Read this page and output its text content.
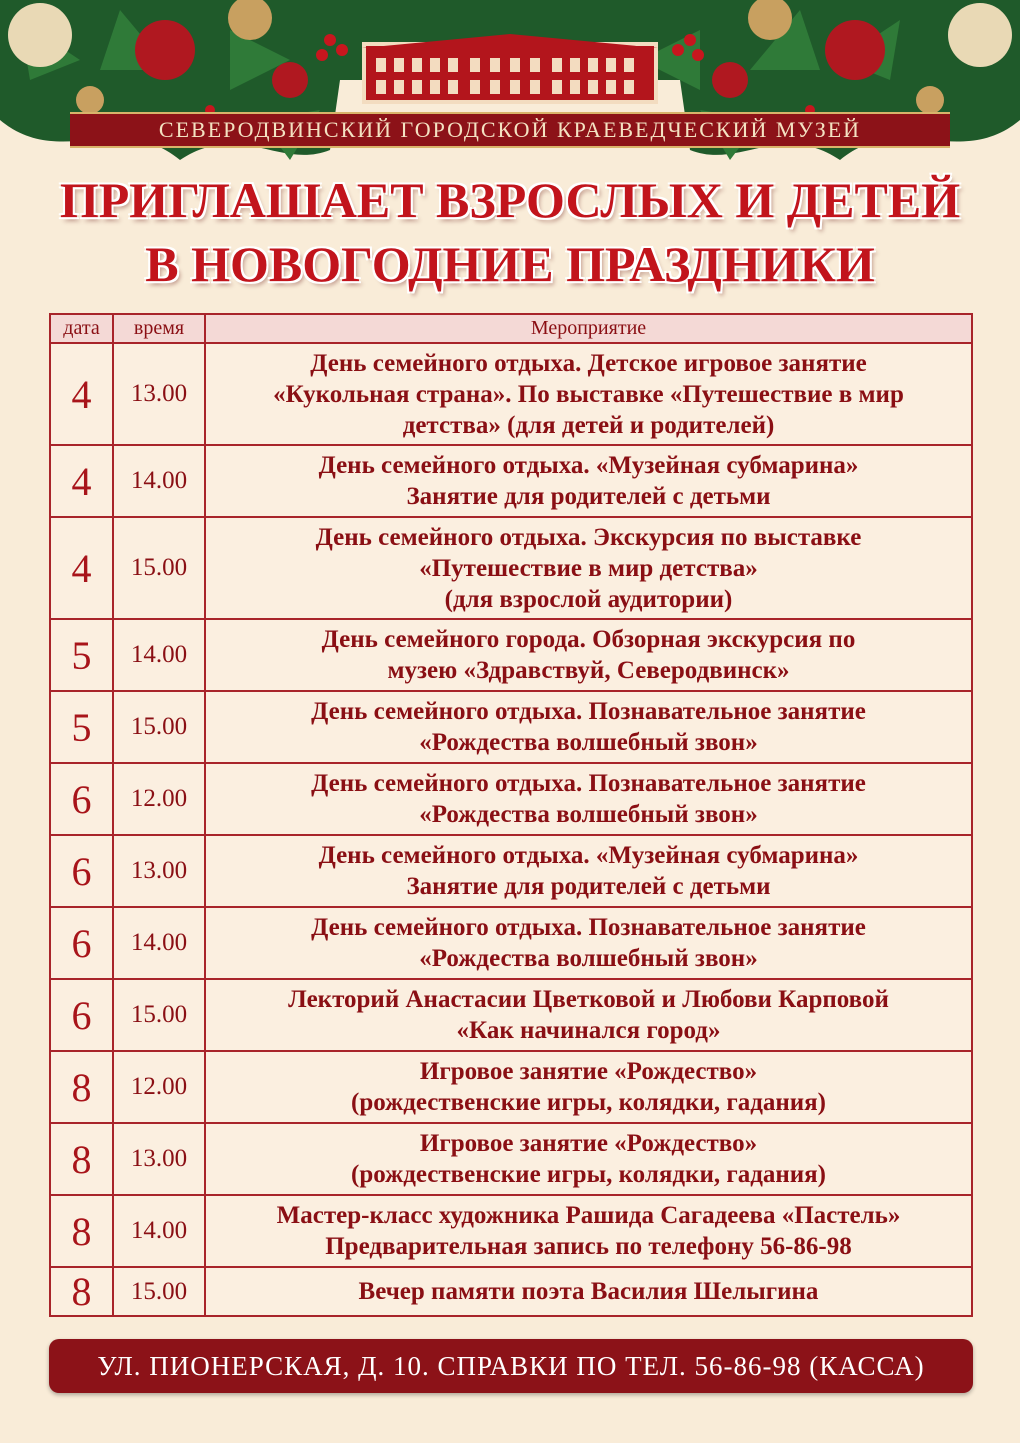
СЕВЕРОДВИНСКИЙ ГОРОДСКОЙ КРАЕВЕДЧЕСКИЙ МУЗЕЙ
ПРИГЛАШАЕТ ВЗРОСЛЫХ И ДЕТЕЙ
В НОВОГОДНИЕ ПРАЗДНИКИ
дата	время	Мероприятие
4	13.00	День семейного отдыха. Детское игровое занятие
«Кукольная страна». По выставке «Путешествие в мир
детства» (для детей и родителей)

4	14.00	День семейного отдыха. «Музейная субмарина»
Занятие для родителей с детьми

4	15.00	День семейного отдыха. Экскурсия по выставке
«Путешествие в мир детства»
(для взрослой аудитории)

5	14.00	День семейного города. Обзорная экскурсия по
музею «Здравствуй, Северодвинск»

5	15.00	День семейного отдыха. Познавательное занятие
«Рождества волшебный звон»

6	12.00	День семейного отдыха. Познавательное занятие
«Рождества волшебный звон»

6	13.00	День семейного отдыха. «Музейная субмарина»
Занятие для родителей с детьми

6	14.00	День семейного отдыха. Познавательное занятие
«Рождества волшебный звон»

6	15.00	Лекторий Анастасии Цветковой и Любови Карповой
«Как начинался город»

8	12.00	Игровое занятие «Рождество»
(рождественские игры, колядки, гадания)

8	13.00	Игровое занятие «Рождество»
(рождественские игры, колядки, гадания)

8	14.00	Мастер-класс художника Рашида Сагадеева «Пастель»
Предварительная запись по телефону 56-86-98

8	15.00	Вечер памяти поэта Василия Шелыгина
УЛ. ПИОНЕРСКАЯ, Д. 10. СПРАВКИ ПО ТЕЛ. 56-86-98 (КАССА)
